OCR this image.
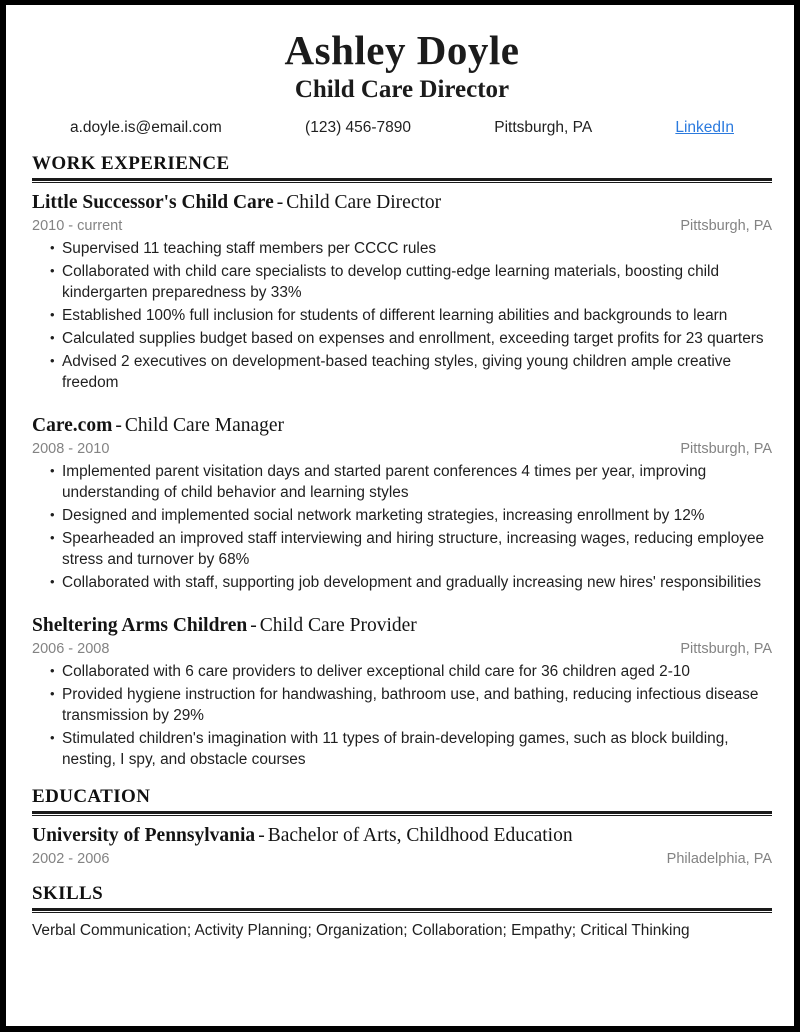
Ashley Doyle
Child Care Director
a.doyle.is@email.com	(123) 456-7890	Pittsburgh, PA	LinkedIn
WORK EXPERIENCE
Little Successor's Child Care - Child Care Director
2010 - current	Pittsburgh, PA
• Supervised 11 teaching staff members per CCCC rules
• Collaborated with child care specialists to develop cutting-edge learning materials, boosting child kindergarten preparedness by 33%
• Established 100% full inclusion for students of different learning abilities and backgrounds to learn
• Calculated supplies budget based on expenses and enrollment, exceeding target profits for 23 quarters
• Advised 2 executives on development-based teaching styles, giving young children ample creative freedom
Care.com - Child Care Manager
2008 - 2010	Pittsburgh, PA
• Implemented parent visitation days and started parent conferences 4 times per year, improving understanding of child behavior and learning styles
• Designed and implemented social network marketing strategies, increasing enrollment by 12%
• Spearheaded an improved staff interviewing and hiring structure, increasing wages, reducing employee stress and turnover by 68%
• Collaborated with staff, supporting job development and gradually increasing new hires' responsibilities
Sheltering Arms Children - Child Care Provider
2006 - 2008	Pittsburgh, PA
• Collaborated with 6 care providers to deliver exceptional child care for 36 children aged 2-10
• Provided hygiene instruction for handwashing, bathroom use, and bathing, reducing infectious disease transmission by 29%
• Stimulated children's imagination with 11 types of brain-developing games, such as block building, nesting, I spy, and obstacle courses
EDUCATION
University of Pennsylvania - Bachelor of Arts, Childhood Education
2002 - 2006	Philadelphia, PA
SKILLS
Verbal Communication; Activity Planning; Organization; Collaboration; Empathy; Critical Thinking
